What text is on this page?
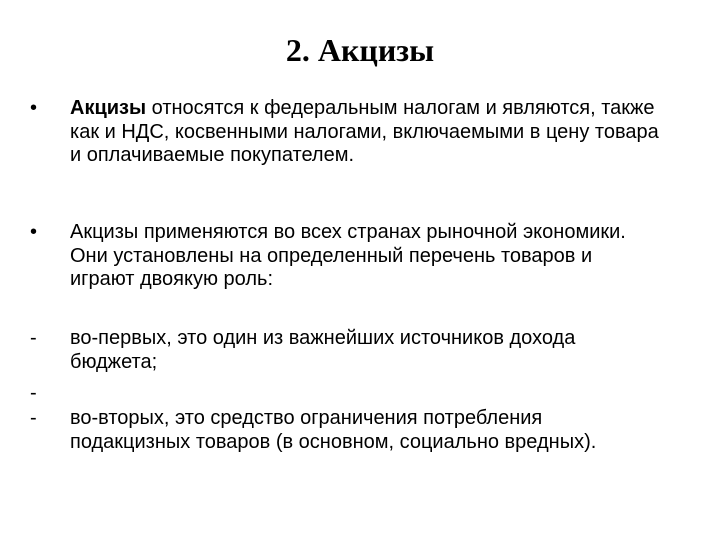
2. Акцизы
•	Акцизы относятся к федеральным налогам и являются, также как и НДС, косвенными налогами, включаемыми в цену товара и оплачиваемые покупателем.
•	Акцизы применяются во всех странах рыночной экономики. Они установлены на определенный перечень товаров и играют двоякую роль:
-	во-первых, это один из важнейших источников дохода бюджета;
-
-	во-вторых, это средство ограничения потребления подакцизных товаров (в основном, социально вредных).
